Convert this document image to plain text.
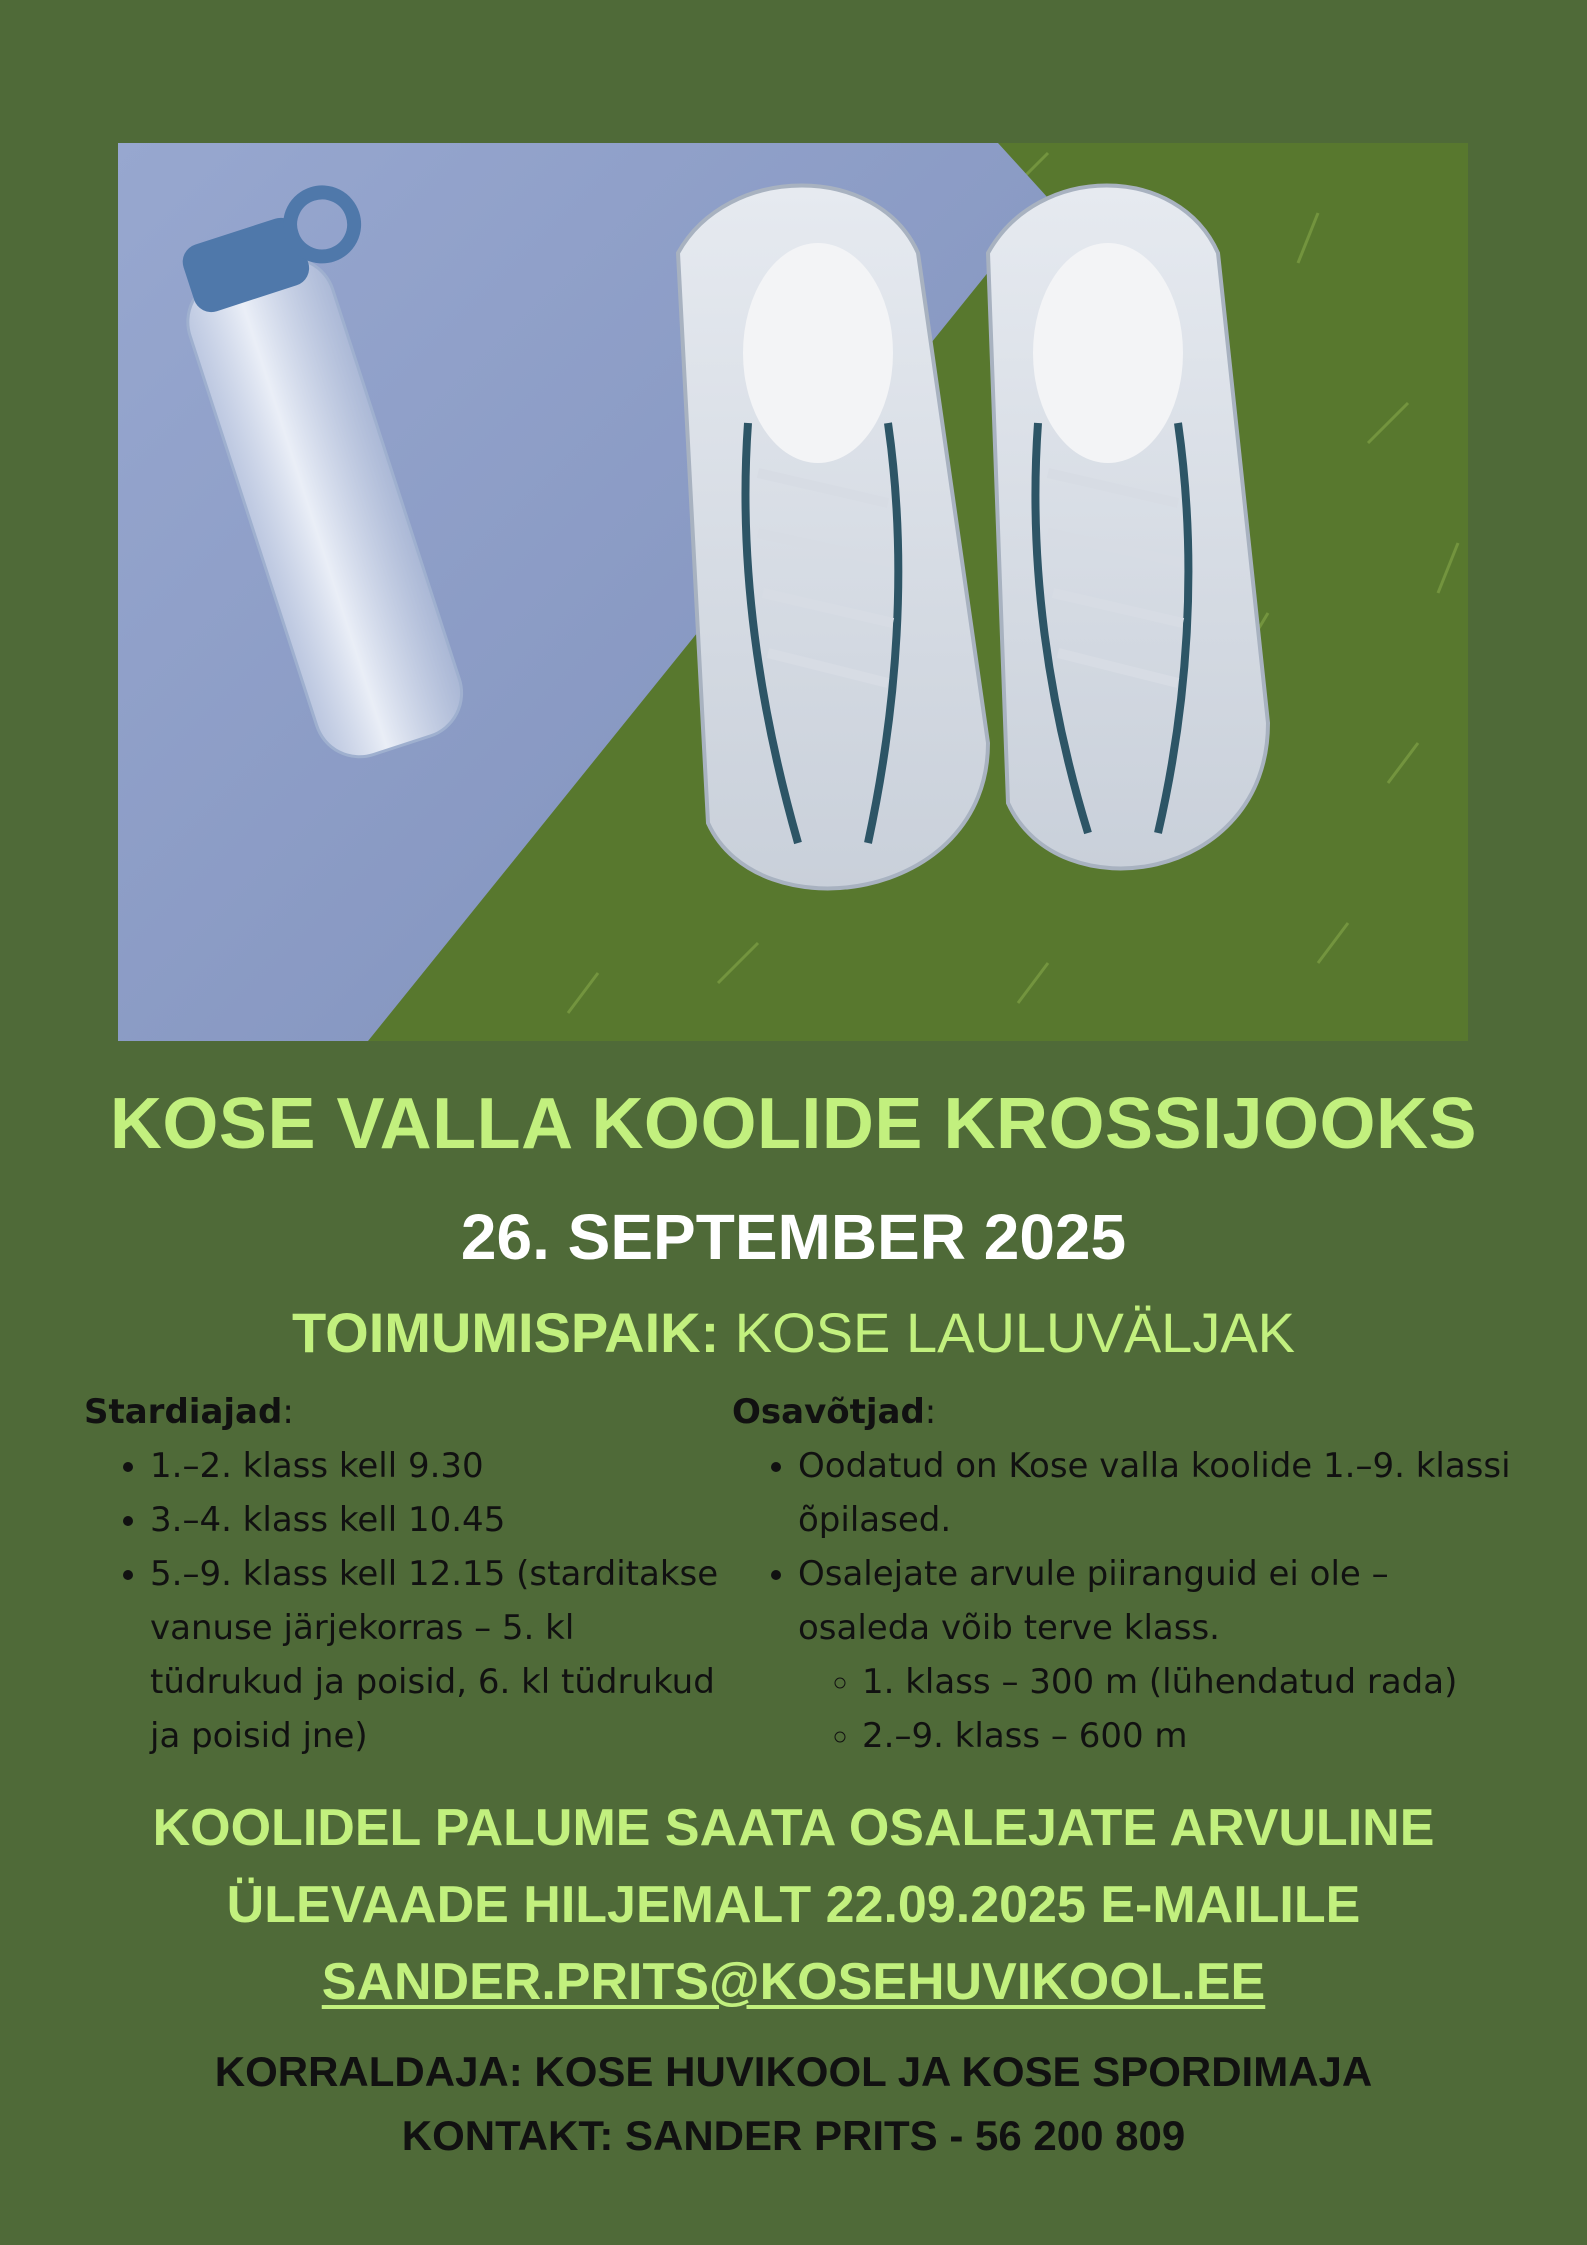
KOSE VALLA KOOLIDE KROSSIJOOKS
26. SEPTEMBER 2025
TOIMUMISPAIK: KOSE LAULUVÄLJAK
Stardiajad:
• 1.–2. klass kell 9.30
• 3.–4. klass kell 10.45
• 5.–9. klass kell 12.15 (starditakse vanuse järjekorras – 5. kl tüdrukud ja poisid, 6. kl tüdrukud ja poisid jne)
Osavõtjad:
• Oodatud on Kose valla koolide 1.–9. klassi õpilased.
• Osalejate arvule piiranguid ei ole – osaleda võib terve klass.
◦ 1. klass – 300 m (lühendatud rada)
◦ 2.–9. klass – 600 m
KOOLIDEL PALUME SAATA OSALEJATE ARVULINE
ÜLEVAADE HILJEMALT 22.09.2025 E-MAILILE
SANDER.PRITS@KOSEHUVIKOOL.EE
KORRALDAJA: KOSE HUVIKOOL JA KOSE SPORDIMAJA
KONTAKT: SANDER PRITS - 56 200 809
